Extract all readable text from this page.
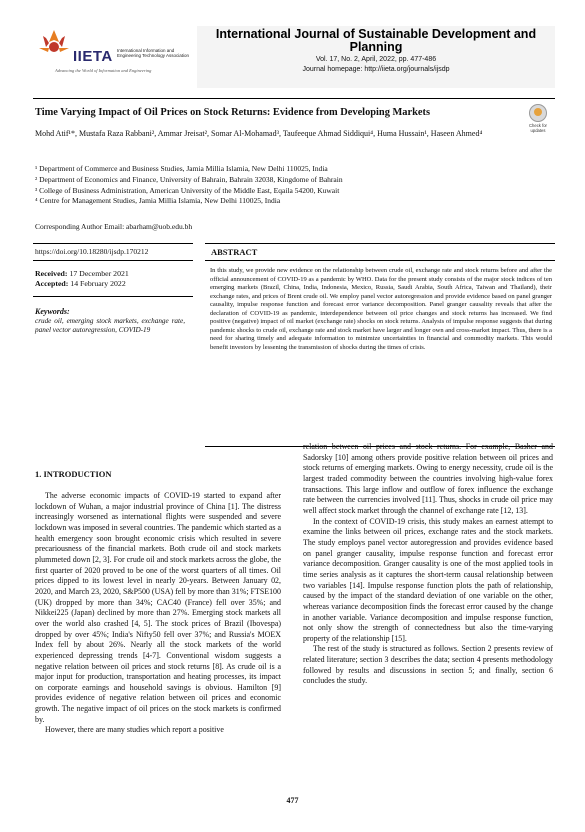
IIETA International Information and Engineering Technology Association
Advancing the World of Information and Engineering
International Journal of Sustainable Development and Planning
Vol. 17, No. 2, April, 2022, pp. 477-486
Journal homepage: http://iieta.org/journals/ijsdp
Time Varying Impact of Oil Prices on Stock Returns: Evidence from Developing Markets
Check for updates
Mohd Atif¹*, Mustafa Raza Rabbani², Ammar Jreisat², Somar Al-Mohamad³, Taufeeque Ahmad Siddiqui⁴, Huma Hussain¹, Haseen Ahmed⁴
¹ Department of Commerce and Business Studies, Jamia Millia Islamia, New Delhi 110025, India
² Department of Economics and Finance, University of Bahrain, Bahrain 32038, Kingdome of Bahrain
³ College of Business Administration, American University of the Middle East, Eqaila 54200, Kuwait
⁴ Centre for Management Studies, Jamia Millia Islamia, New Delhi 110025, India
Corresponding Author Email: abarham@uob.edu.bh
https://doi.org/10.18280/ijsdp.170212
Received: 17 December 2021
Accepted: 14 February 2022
Keywords:
crude oil, emerging stock markets, exchange rate, panel vector autoregression, COVID-19
ABSTRACT
In this study, we provide new evidence on the relationship between crude oil, exchange rate and stock returns before and after the official announcement of COVID-19 as a pandemic by WHO. Data for the present study consists of the major stock indices of ten emerging markets (Brazil, China, India, Indonesia, Mexico, Russia, Saudi Arabia, South Africa, Taiwan and Thailand), their exchange rates, and prices of Brent crude oil. We employ panel vector autoregression and provide evidence based on panel granger causality, impulse response function and forecast error variance decomposition. Panel granger causality reveals that after the declaration of COVID-19 as pandemic, interdependence between oil price changes and stock returns has increased. We find positive (negative) impact of oil market (exchange rate) shocks on stock returns. Analysis of impulse response suggests that during pandemic shocks to crude oil, exchange rate and stock market have larger and longer own and cross-market impact. Thus, there is a need for sharing timely and adequate information to minimize uncertainties in financial and commodity markets. This would benefit investors by lessening the transmission of shocks during the times of crisis.
1. INTRODUCTION

The adverse economic impacts of COVID-19 started to expand after lockdown of Wuhan, a major industrial province of China [1]. The distress increasingly worsened as international flights were suspended and severe lockdown was imposed in several countries. The pandemic which started as a health emergency soon brought economic crisis which resulted in severe precariousness of the financial markets. Both crude oil and stock markets plummeted down [2, 3]. For crude oil and stock markets across the globe, the first quarter of 2020 proved to be one of the worst quarters of all times. Oil prices dipped to its lowest level in nearly 20-years. Between January 02, 2020, and March 23, 2020, S&P500 (USA) fell by more than 31%; FTSE100 (UK) dropped by more than 34%; CAC40 (France) fell over 35%; and Nikkei225 (Japan) declined by more than 27%. Emerging stock markets all over the world also crashed [4, 5]. The stock prices of Brazil (Ibovespa) dropped by over 45%; India's Nifty50 fell over 37%; and Russia's MOEX Index fell by about 26%. Nearly all the stock markets of the world experienced depressing trends [4-7]. Conventional wisdom suggests a negative relation between oil prices and stock returns [8]. As crude oil is a major input for production, transportation and heating processes, its impact on corporate earnings and household savings is obvious. Hamilton [9] provides evidence of negative relation between oil prices and economic growth. The negative impact of oil prices on the stock markets is confirmed by.

However, there are many studies which report a positive

relation between oil prices and stock returns. For example, Basher and Sadorsky [10] among others provide positive relation between oil prices and stock returns of emerging markets. Owing to energy necessity, crude oil is the largest traded commodity between the countries involving high-value forex transactions. This large inflow and outflow of forex influence the exchange rate between the currencies involved [11]. Thus, shocks in crude oil price may well affect stock market through the channel of exchange rate [12, 13].

In the context of COVID-19 crisis, this study makes an earnest attempt to examine the links between oil prices, exchange rates and the stock markets. The study employs panel vector autoregression and provides evidence based on panel granger causality, impulse response function and forecast error variance decomposition. Granger causality is one of the most applied tools in time series analysis as it captures the short-term causal relationship between two variables [14]. Impulse response function plots the path of relationship, caused by the impact of the standard deviation of one variable on the other, whereas variance decomposition finds the forecast error caused by the change in another variable. Variance decomposition and impulse response function, not only show the strength of connectedness but also the time-varying property of the relationship [15].

The rest of the study is structured as follows. Section 2 presents review of related literature; section 3 describes the data; section 4 presents methodology followed by results and discussions in section 5; and finally, section 6 concludes the study.

477
